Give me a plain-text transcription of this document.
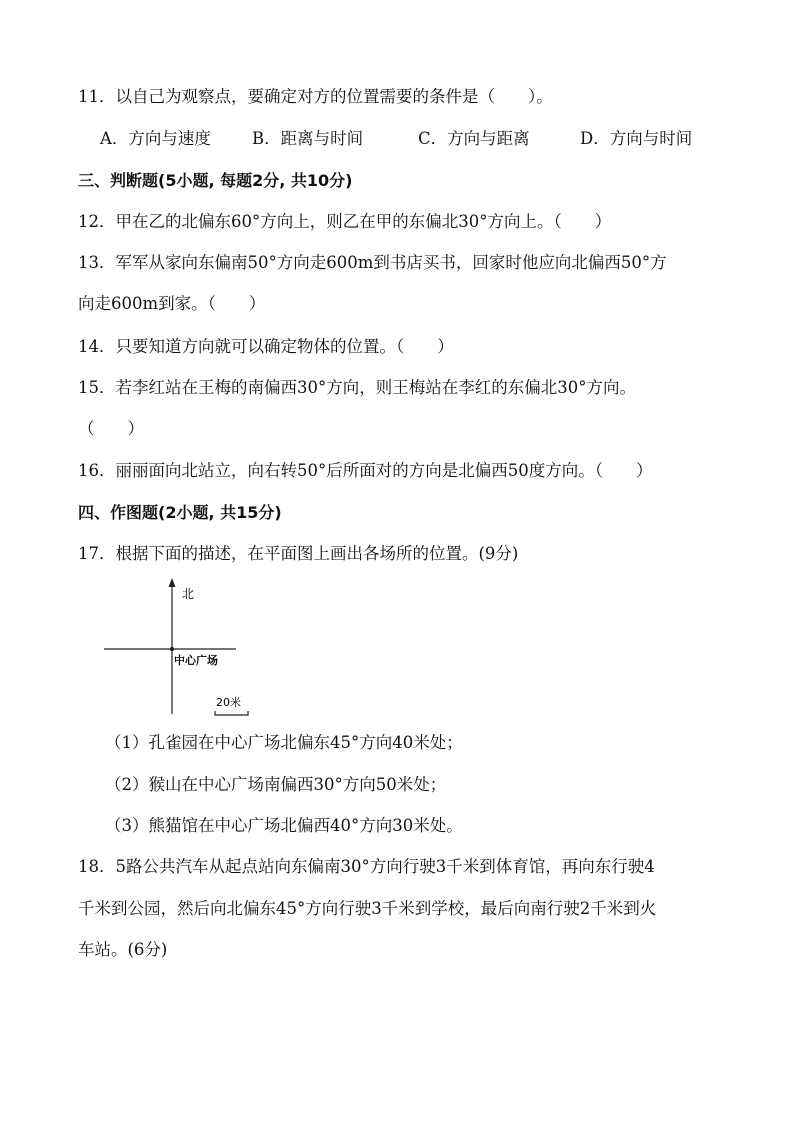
11．以自己为观察点，要确定对方的位置需要的条件是（　　）。
A．方向与速度 B．距离与时间	C．方向与距离	D．方向与时间
三、判断题(5小题, 每题2分, 共10分)
12．甲在乙的北偏东60°方向上，则乙在甲的东偏北30°方向上。（　　）
13．军军从家向东偏南50°方向走600m到书店买书，回家时他应向北偏西50°方
向走600m到家。（　　）
14．只要知道方向就可以确定物体的位置。（　　）
15．若李红站在王梅的南偏西30°方向，则王梅站在李红的东偏北30°方向。
（　　）
16．丽丽面向北站立，向右转50°后所面对的方向是北偏西50度方向。（　　）
四、作图题(2小题, 共15分)
17．根据下面的描述，在平面图上画出各场所的位置。(9分)
北
中心广场
20米
（1）孔雀园在中心广场北偏东45°方向40米处；
（2）猴山在中心广场南偏西30°方向50米处；
（3）熊猫馆在中心广场北偏西40°方向30米处。
18．5路公共汽车从起点站向东偏南30°方向行驶3千米到体育馆，再向东行驶4
千米到公园，然后向北偏东45°方向行驶3千米到学校，最后向南行驶2千米到火
车站。(6分)
